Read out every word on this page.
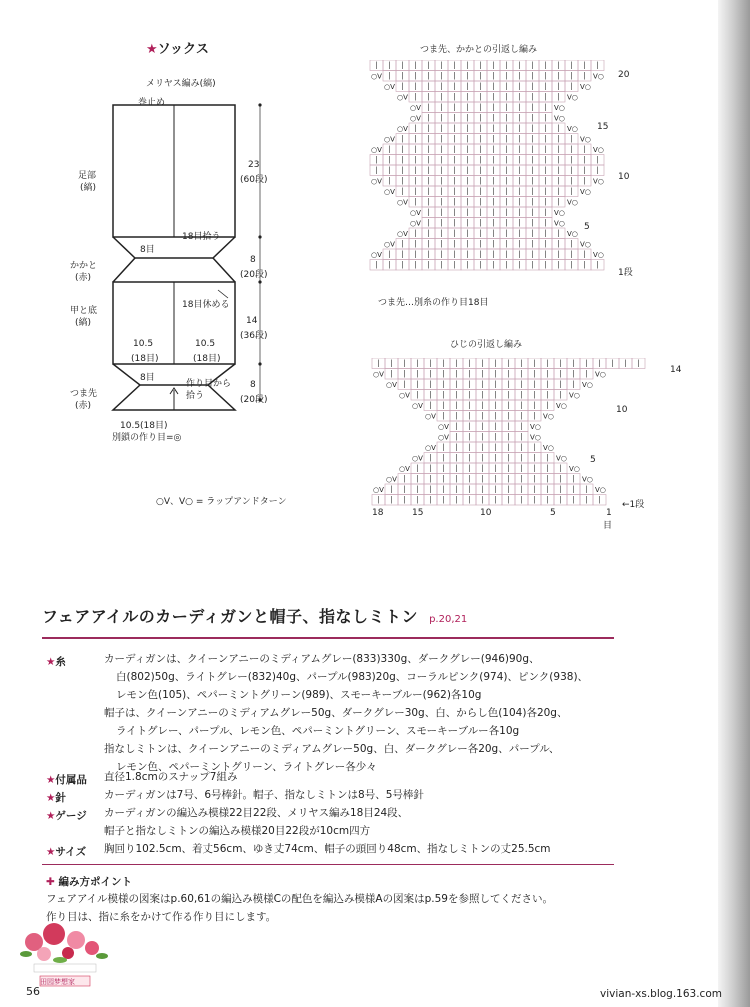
★ソックス
メリヤス編み(縞)
巻止め
足部
(縞)
かかと
(赤)
甲と底
(縞)
つま先
(赤)
18目拾う
8目
18目休める
10.5
(18目)
10.5
(18目)
8目
作り目から
拾う
10.5(18目)
別鎖の作り目=◎
23
(60段)
8
(20段)
14
(36段)
8
(20段)
○V、V○ = ラップアンドターン
つま先、かかとの引返し編み
○V	V○
○V	V○
○V	V○
○V	V○
○V	V○
○V	V○
○V	V○
○V	V○
○V	V○
○V	V○
○V	V○
○V	V○
○V	V○
○V	V○
○V	V○
○V	V○
20
15
10
5
1段
つま先…別糸の作り目18目
ひじの引返し編み
○V	V○
○V	V○
○V	V○
○V	V○
○V	V○
○V	V○
○V	V○
○V	V○
○V	V○
○V	V○
○V	V○
○V	V○
14
10
5
←1段
18	15	10	5	1
目
フェアアイルのカーディガンと帽子、指なしミトン p.20,21
★糸	カーディガンは、クイーンアニーのミディアムグレー(833)330g、ダークグレー(946)90g、
白(802)50g、ライトグレー(832)40g、パープル(983)20g、コーラルピンク(974)、ピンク(938)、
レモン色(105)、ペパーミントグリーン(989)、スモーキーブルー(962)各10g
帽子は、クイーンアニーのミディアムグレー50g、ダークグレー30g、白、からし色(104)各20g、
ライトグレー、パープル、レモン色、ペパーミントグリーン、スモーキーブルー各10g
指なしミトンは、クイーンアニーのミディアムグレー50g、白、ダークグレー各20g、パープル、
レモン色、ペパーミントグリーン、ライトグレー各少々
★付属品 直径1.8cmのスナップ7組み
★針	カーディガンは7号、6号棒針。帽子、指なしミトンは8号、5号棒針
★ゲージ カーディガンの編込み模様22目22段、メリヤス編み18目24段、
帽子と指なしミトンの編込み模様20目22段が10cm四方
★サイズ 胸回り102.5cm、着丈56cm、ゆき丈74cm、帽子の頭回り48cm、指なしミトンの丈25.5cm
✚ 編み方ポイント
フェアアイル模様の図案はp.60,61の編込み模様Cの配色を編込み模様Aの図案はp.59を参照してください。
作り目は、指に糸をかけて作る作り目にします。
田园梦想家
56	vivian-xs.blog.163.com
